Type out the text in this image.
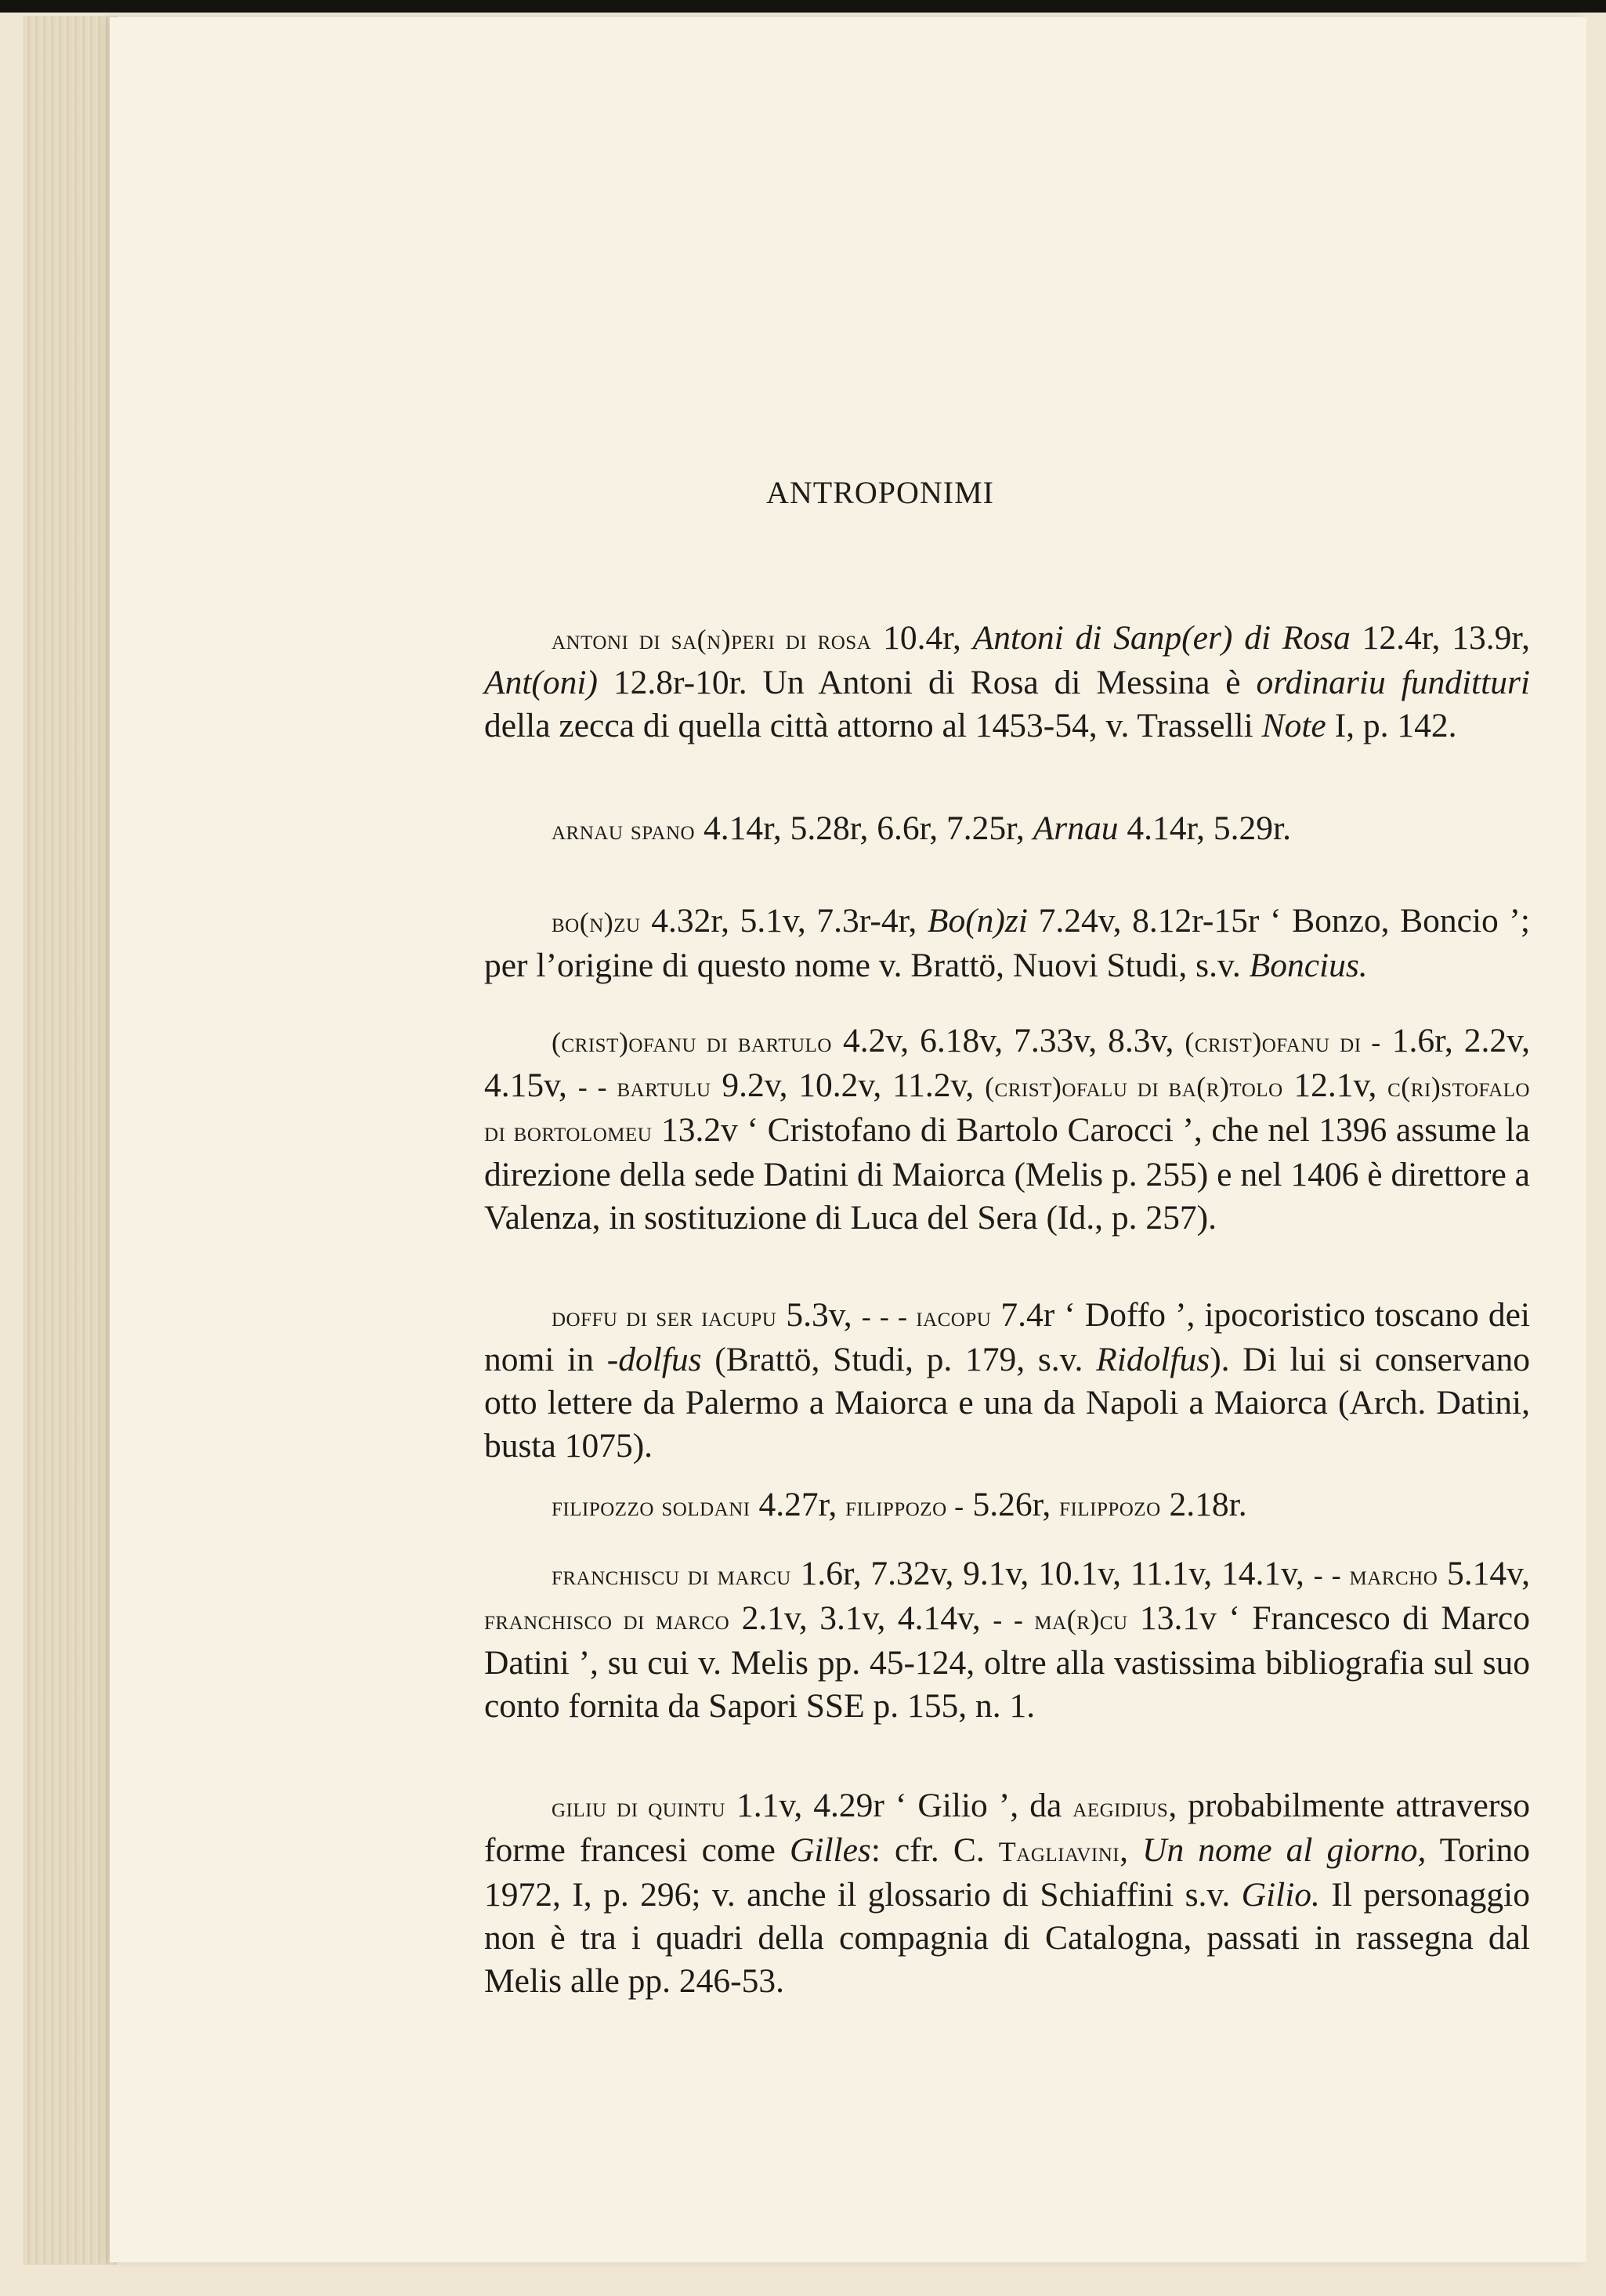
ANTROPONIMI

antoni di sa(n)peri di rosa 10.4r, Antoni di Sanp(er) di Rosa 12.4r, 13.9r, Ant(oni) 12.8r-10r. Un Antoni di Rosa di Messina è ordinariu funditturi della zecca di quella città attorno al 1453-54, v. Trasselli Note I, p. 142.

arnau spano 4.14r, 5.28r, 6.6r, 7.25r, Arnau 4.14r, 5.29r.

bo(n)zu 4.32r, 5.1v, 7.3r-4r, Bo(n)zi 7.24v, 8.12r-15r ‘ Bonzo, Boncio ’; per l’origine di questo nome v. Brattö, Nuovi Studi, s.v. Boncius.

(crist)ofanu di bartulo 4.2v, 6.18v, 7.33v, 8.3v, (crist)ofanu di - 1.6r, 2.2v, 4.15v, - - bartulu 9.2v, 10.2v, 11.2v, (crist)ofalu di ba(r)tolo 12.1v, c(ri)stofalo di bortolomeu 13.2v ‘ Cristofano di Bartolo Carocci ’, che nel 1396 assume la direzione della sede Datini di Maiorca (Melis p. 255) e nel 1406 è direttore a Valenza, in sostituzione di Luca del Sera (Id., p. 257).

doffu di ser iacupu 5.3v, - - - iacopu 7.4r ‘ Doffo ’, ipocoristico toscano dei nomi in -dolfus (Brattö, Studi, p. 179, s.v. Ridolfus). Di lui si conservano otto lettere da Palermo a Maiorca e una da Napoli a Maiorca (Arch. Datini, busta 1075).

filipozzo soldani 4.27r, filippozo - 5.26r, filippozo 2.18r.

franchiscu di marcu 1.6r, 7.32v, 9.1v, 10.1v, 11.1v, 14.1v, - - marcho 5.14v, franchisco di marco 2.1v, 3.1v, 4.14v, - - ma(r)cu 13.1v ‘ Francesco di Marco Datini ’, su cui v. Melis pp. 45-124, oltre alla vastissima bibliografia sul suo conto fornita da Sapori SSE p. 155, n. 1.

giliu di quintu 1.1v, 4.29r ‘ Gilio ’, da aegidius, probabilmente attraverso forme francesi come Gilles: cfr. C. Tagliavini, Un nome al giorno, Torino 1972, I, p. 296; v. anche il glossario di Schiaffini s.v. Gilio. Il personaggio non è tra i quadri della compagnia di Catalogna, passati in rassegna dal Melis alle pp. 246-53.
